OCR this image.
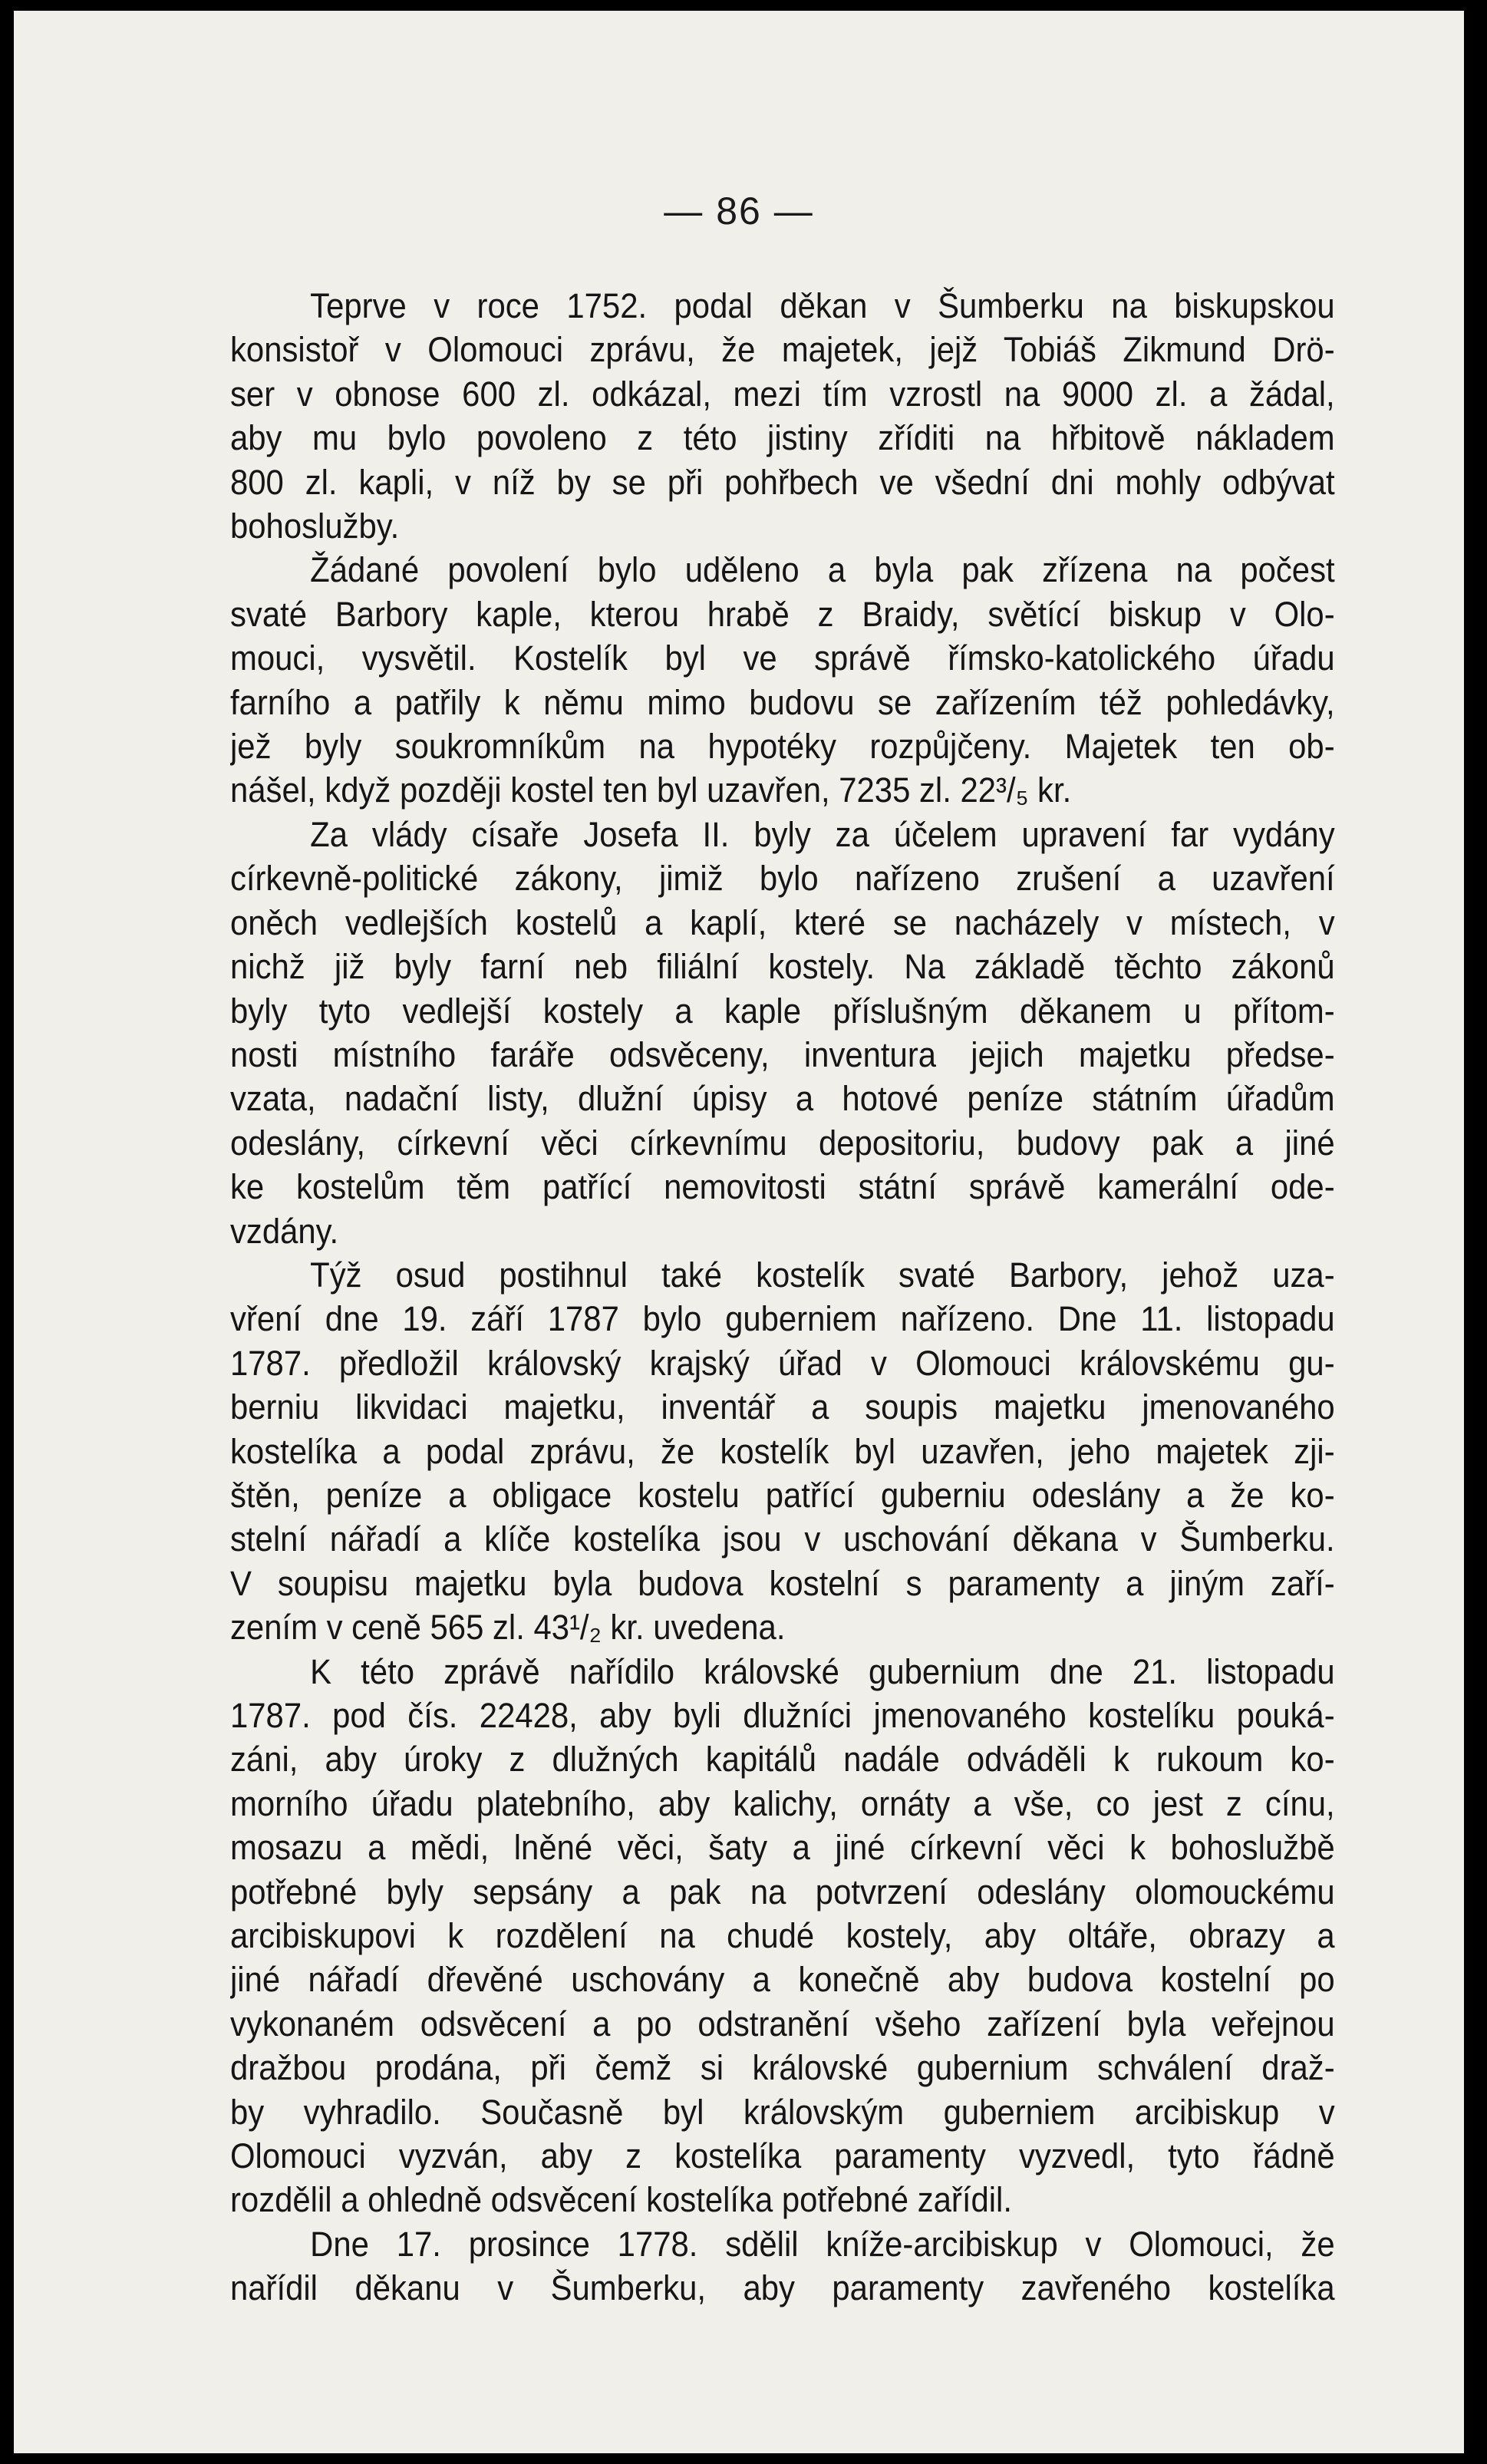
— 86 —
Teprve v roce 1752. podal děkan v Šumberku na biskupskou
konsistoř v Olomouci zprávu, že majetek, jejž Tobiáš Zikmund Drö-
ser v obnose 600 zl. odkázal, mezi tím vzrostl na 9000 zl. a žádal,
aby mu bylo povoleno z této jistiny zříditi na hřbitově nákladem
800 zl. kapli, v níž by se při pohřbech ve všední dni mohly odbývat
bohoslužby.
Žádané povolení bylo uděleno a byla pak zřízena na počest
svaté Barbory kaple, kterou hrabě z Braidy, světící biskup v Olo-
mouci, vysvětil. Kostelík byl ve správě římsko-katolického úřadu
farního a patřily k němu mimo budovu se zařízením též pohledávky,
jež byly soukromníkům na hypotéky rozpůjčeny. Majetek ten ob-
nášel, když později kostel ten byl uzavřen, 7235 zl. 22³/₅ kr.
Za vlády císaře Josefa II. byly za účelem upravení far vydány
církevně-politické zákony, jimiž bylo nařízeno zrušení a uzavření
oněch vedlejších kostelů a kaplí, které se nacházely v místech, v
nichž již byly farní neb filiální kostely. Na základě těchto zákonů
byly tyto vedlejší kostely a kaple příslušným děkanem u přítom-
nosti místního faráře odsvěceny, inventura jejich majetku předse-
vzata, nadační listy, dlužní úpisy a hotové peníze státním úřadům
odeslány, církevní věci církevnímu depositoriu, budovy pak a jiné
ke kostelům těm patřící nemovitosti státní správě kamerální ode-
vzdány.
Týž osud postihnul také kostelík svaté Barbory, jehož uza-
vření dne 19. září 1787 bylo guberniem nařízeno. Dne 11. listopadu
1787. předložil královský krajský úřad v Olomouci královskému gu-
berniu likvidaci majetku, inventář a soupis majetku jmenovaného
kostelíka a podal zprávu, že kostelík byl uzavřen, jeho majetek zji-
štěn, peníze a obligace kostelu patřící guberniu odeslány a že ko-
stelní nářadí a klíče kostelíka jsou v uschování děkana v Šumberku.
V soupisu majetku byla budova kostelní s paramenty a jiným zaří-
zením v ceně 565 zl. 43¹/₂ kr. uvedena.
K této zprávě nařídilo královské gubernium dne 21. listopadu
1787. pod čís. 22428, aby byli dlužníci jmenovaného kostelíku pouká-
záni, aby úroky z dlužných kapitálů nadále odváděli k rukoum ko-
morního úřadu platebního, aby kalichy, ornáty a vše, co jest z cínu,
mosazu a mědi, lněné věci, šaty a jiné církevní věci k bohoslužbě
potřebné byly sepsány a pak na potvrzení odeslány olomouckému
arcibiskupovi k rozdělení na chudé kostely, aby oltáře, obrazy a
jiné nářadí dřevěné uschovány a konečně aby budova kostelní po
vykonaném odsvěcení a po odstranění všeho zařízení byla veřejnou
dražbou prodána, při čemž si královské gubernium schválení draž-
by vyhradilo. Současně byl královským guberniem arcibiskup v
Olomouci vyzván, aby z kostelíka paramenty vyzvedl, tyto řádně
rozdělil a ohledně odsvěcení kostelíka potřebné zařídil.
Dne 17. prosince 1778. sdělil kníže-arcibiskup v Olomouci, že
nařídil děkanu v Šumberku, aby paramenty zavřeného kostelíka
